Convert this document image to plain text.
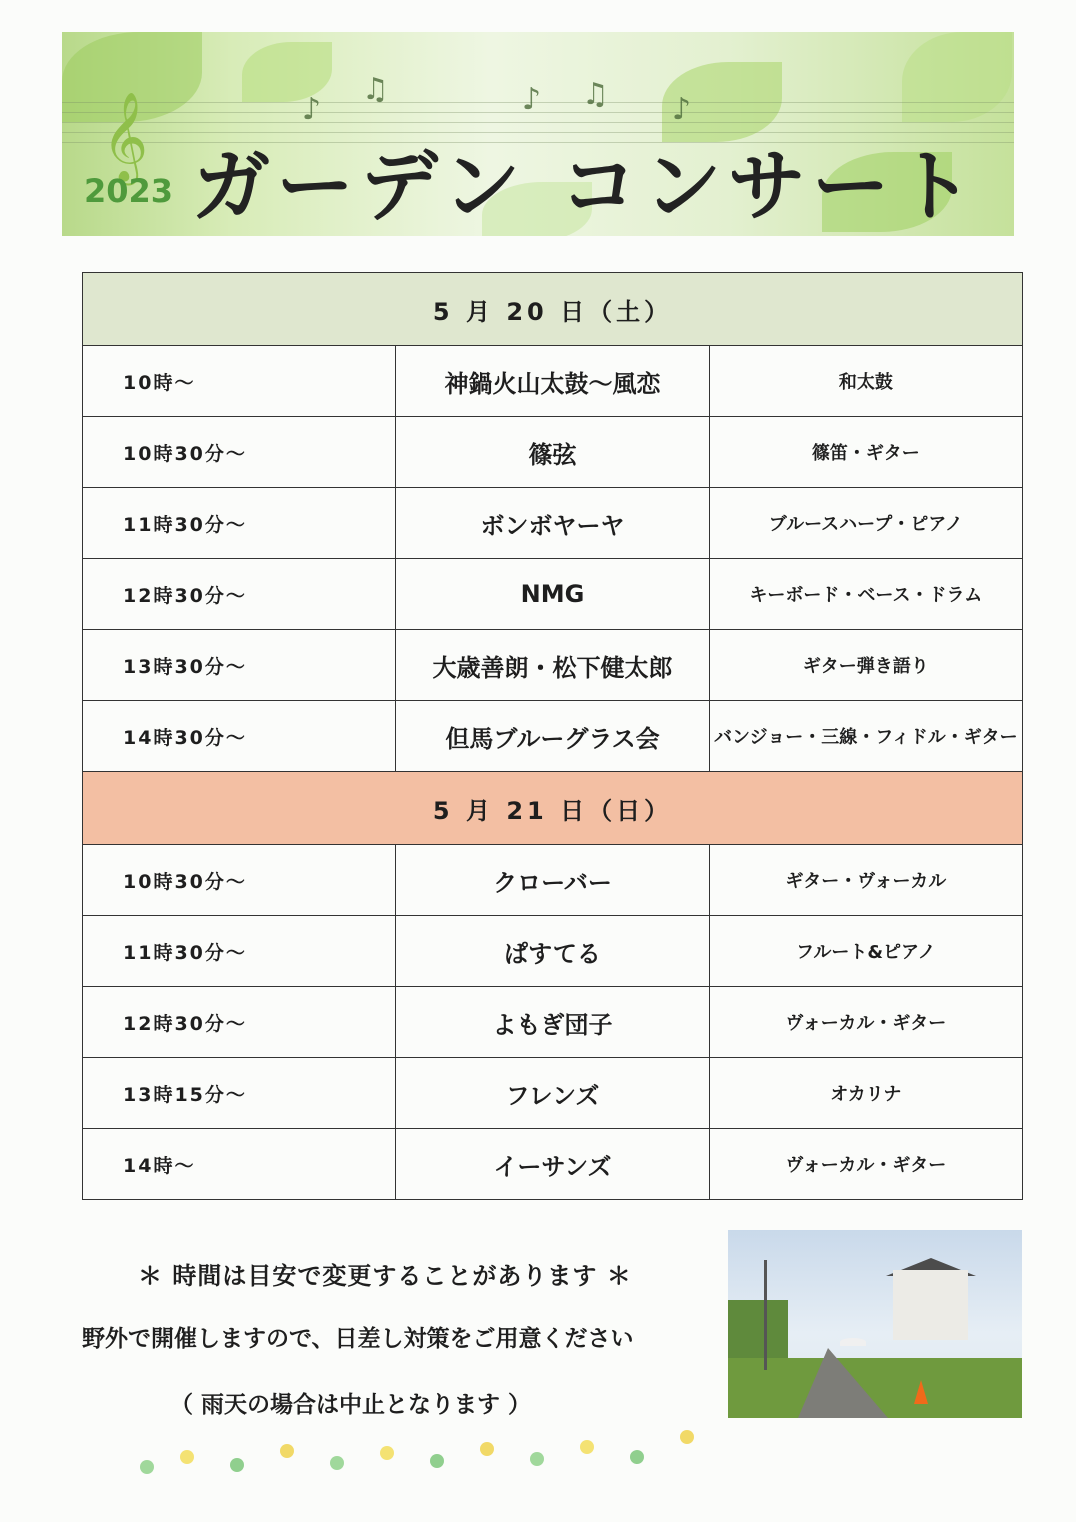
♪
♫	♪ ♫ ♪
𝄞
2023 ガーデン コンサート
5 月 20 日（土）		
10時～	神鍋火山太鼓～風恋	和太鼓
10時30分～	篠弦	篠笛・ギター
11時30分～	ボンボヤーヤ	ブルースハープ・ピアノ
12時30分～	NMG	キーボード・ベース・ドラム
13時30分～	大歳善朗・松下健太郎	ギター弾き語り
14時30分～	但馬ブルーグラス会	バンジョー・三線・フィドル・ギター
5 月 21 日（日）		
10時30分～	クローバー	ギター・ヴォーカル
11時30分～	ぱすてる	フルート&ピアノ
12時30分～	よもぎ団子	ヴォーカル・ギター
13時15分～	フレンズ	オカリナ
14時～	イーサンズ	ヴォーカル・ギター
＊ 時間は目安で変更することがあります ＊
野外で開催しますので、日差し対策をご用意ください
（ 雨天の場合は中止となります ）
